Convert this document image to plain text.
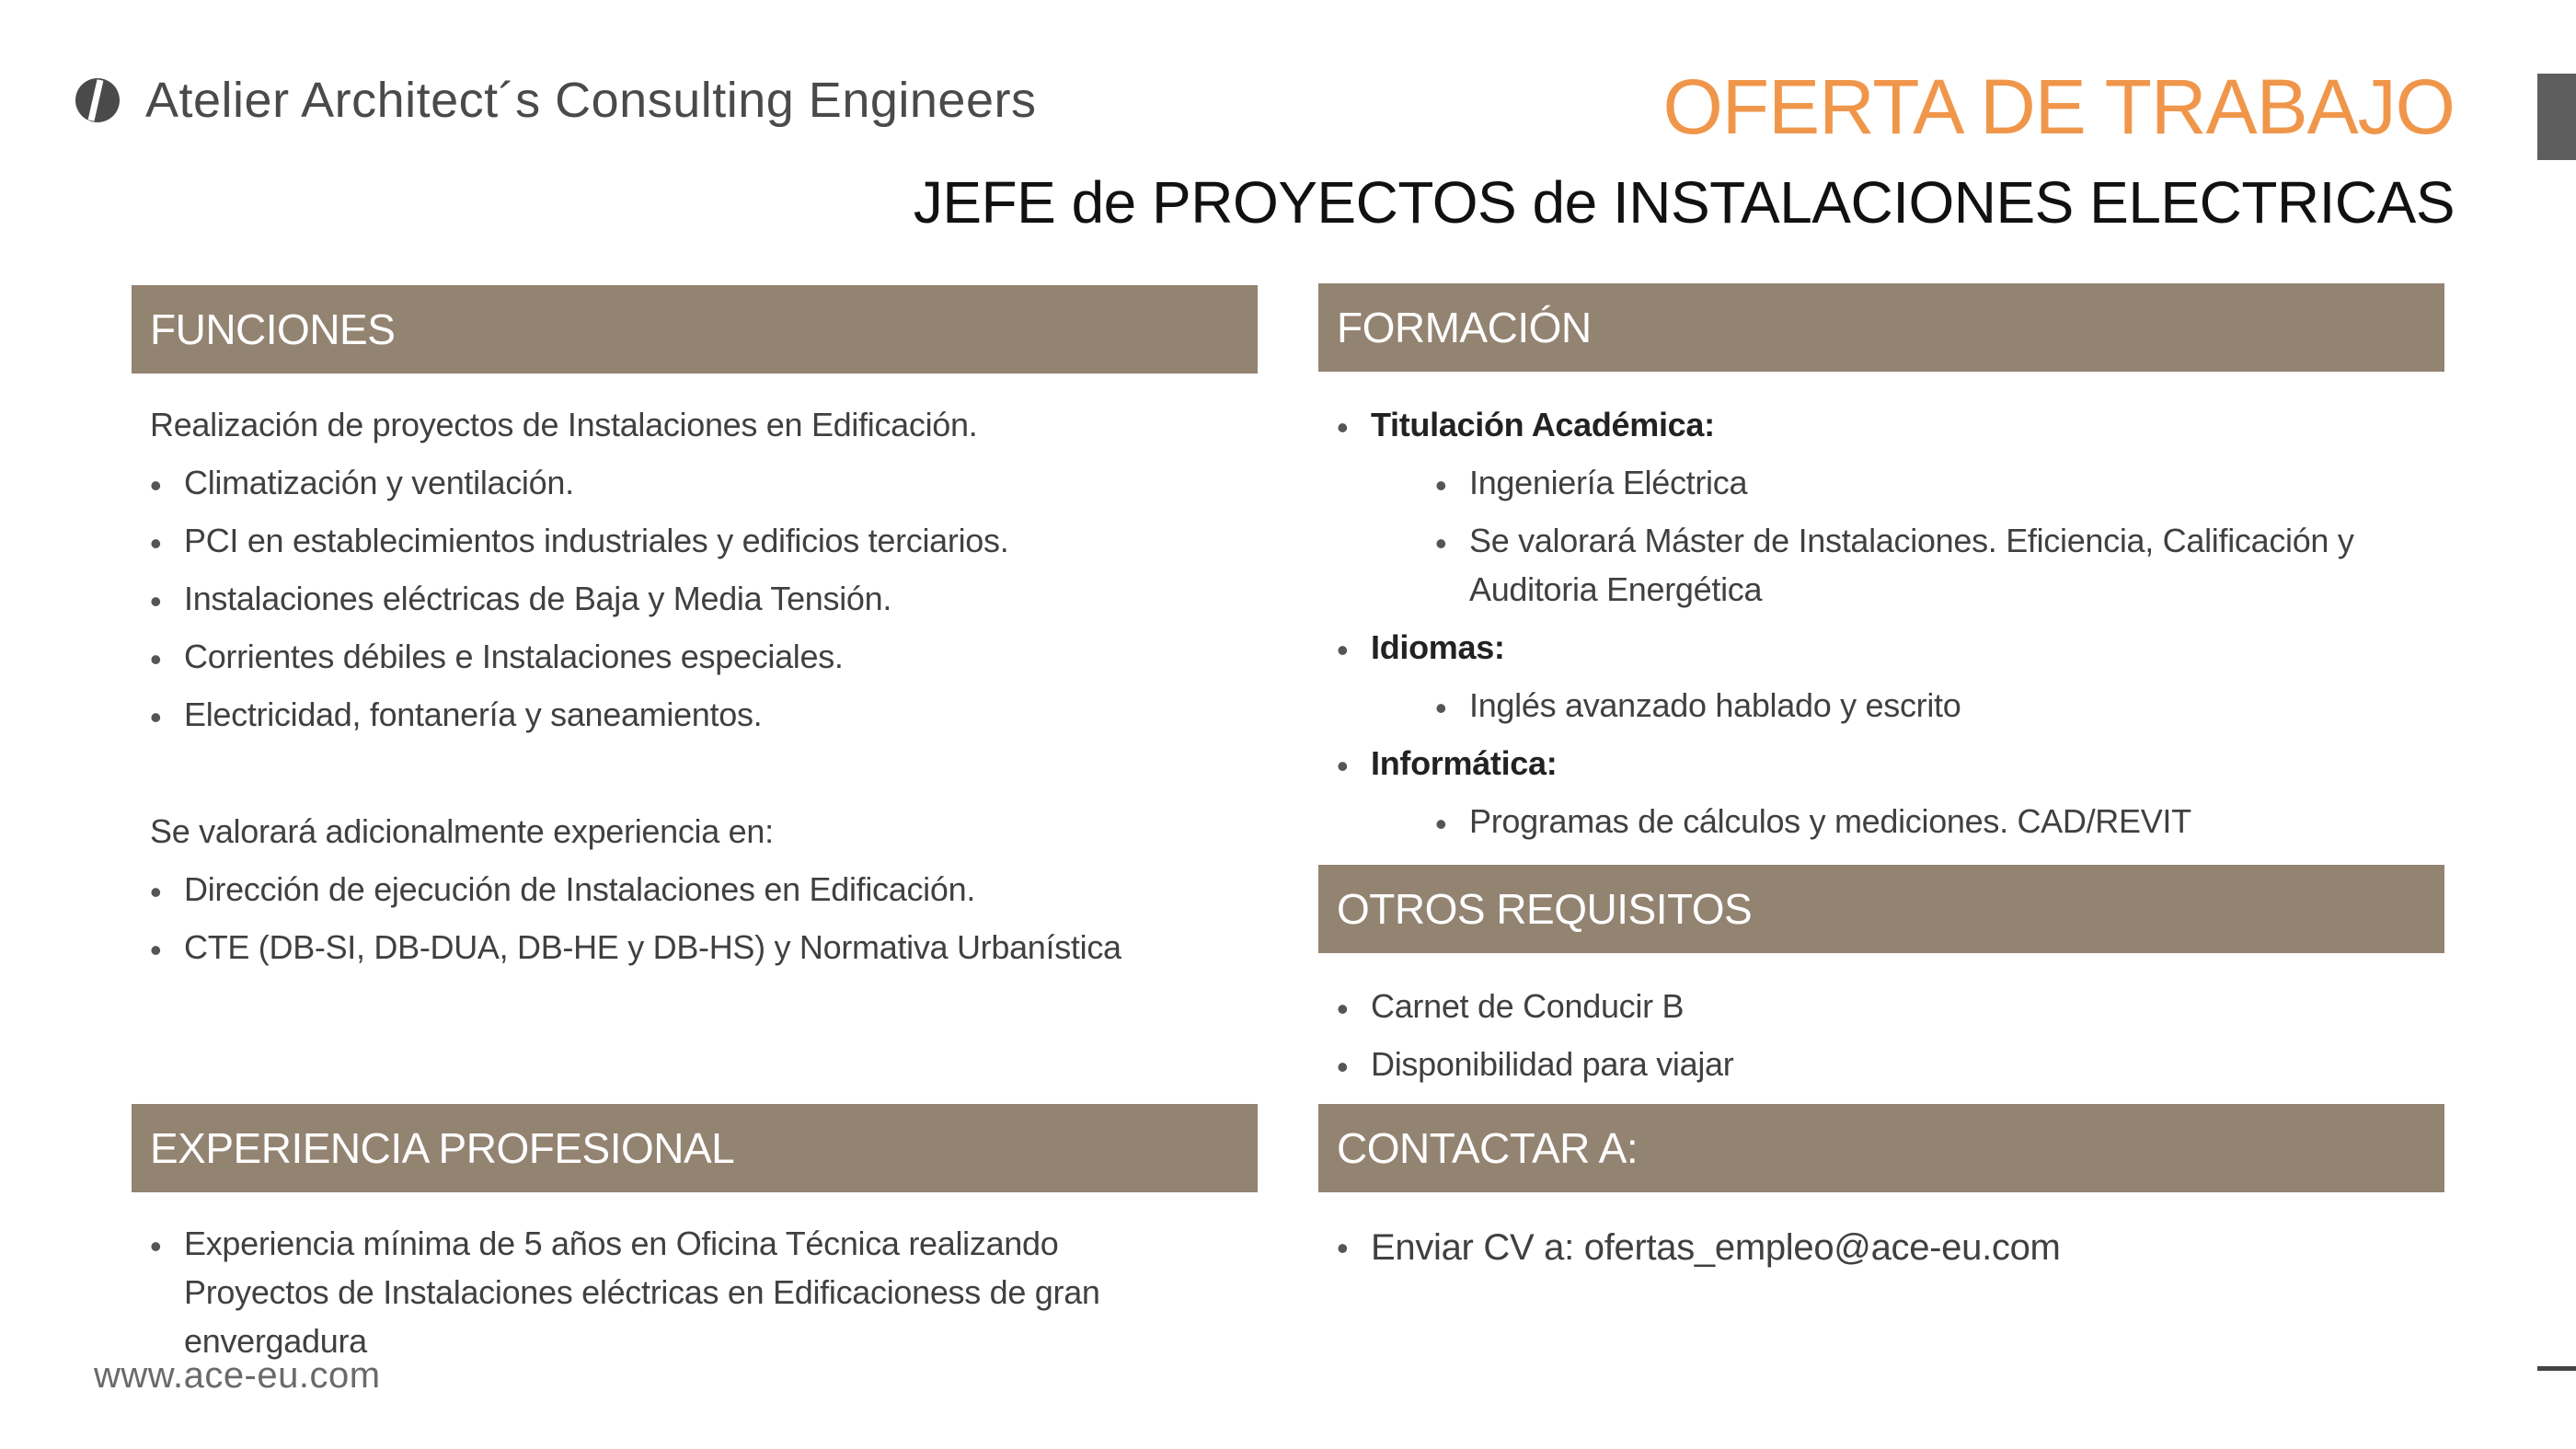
Atelier Architect´s Consulting Engineers	OFERTA DE TRABAJO
JEFE de PROYECTOS de INSTALACIONES ELECTRICAS
FUNCIONES
Realización de proyectos de Instalaciones en Edificación.
• Climatización y ventilación.
• PCI en establecimientos industriales y edificios terciarios.
• Instalaciones eléctricas de Baja y Media Tensión.
• Corrientes débiles e Instalaciones especiales.
• Electricidad, fontanería y saneamientos.
Se valorará adicionalmente experiencia en:
• Dirección de ejecución de Instalaciones en Edificación.
• CTE (DB-SI, DB-DUA, DB-HE y DB-HS) y Normativa Urbanística
FORMACIÓN
• Titulación Académica:
• Ingeniería Eléctrica
• Se valorará Máster de Instalaciones. Eficiencia, Calificación y Auditoria Energética
• Idiomas:
• Inglés avanzado hablado y escrito
• Informática:
• Programas de cálculos y mediciones. CAD/REVIT
OTROS REQUISITOS
• Carnet de Conducir B
• Disponibilidad para viajar
EXPERIENCIA PROFESIONAL
• Experiencia mínima de 5 años en Oficina Técnica realizando Proyectos de Instalaciones eléctricas en Edificacioness de gran envergadura
CONTACTAR A:
• Enviar CV a: ofertas_empleo@ace-eu.com
www.ace-eu.com
